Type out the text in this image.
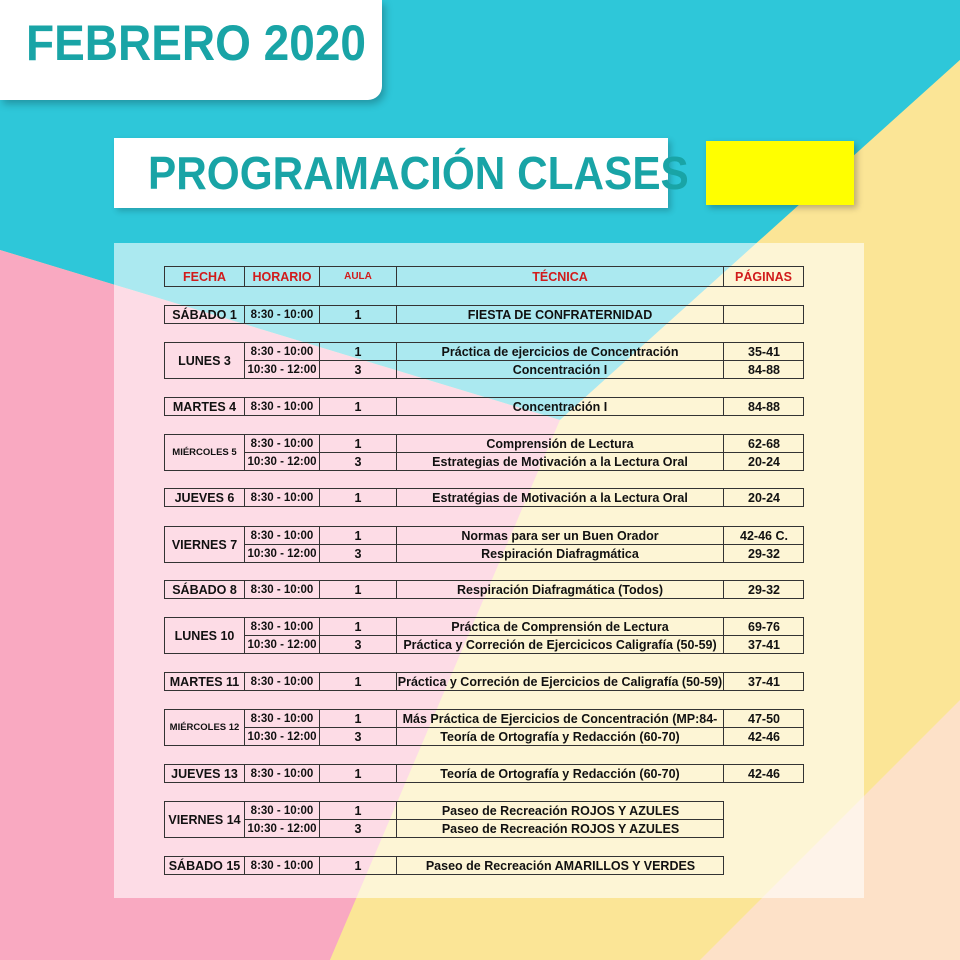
FEBRERO 2020
PROGRAMACIÓN CLASES
FECHA	HORARIO	AULA	TÉCNICA	PÁGINAS
SÁBADO 1	8:30 - 10:00	1	FIESTA DE CONFRATERNIDAD
LUNES 3
8:30 - 10:00	1	Práctica de ejercicios de Concentración	35-41
10:30 - 12:00	3	Concentración I	84-88
MARTES 4	8:30 - 10:00	1	Concentración I	84-88
MIÉRCOLES 5
8:30 - 10:00	1	Comprensión de Lectura	62-68
10:30 - 12:00	3	Estrategias de Motivación a la Lectura Oral	20-24
JUEVES 6	8:30 - 10:00	1	Estratégias de Motivación a la Lectura Oral	20-24
VIERNES 7
8:30 - 10:00	1	Normas para ser un Buen Orador	42-46 C.
10:30 - 12:00	3	Respiración Diafragmática	29-32
SÁBADO 8	8:30 - 10:00	1	Respiración Diafragmática (Todos)	29-32
LUNES 10
8:30 - 10:00	1	Práctica de Comprensión de Lectura	69-76
10:30 - 12:00	3	Práctica y Correción de Ejercicicos Caligrafía (50-59)	37-41
MARTES 11 8:30 - 10:00	1	Práctica y Correción de Ejercicios de Caligrafía (50-59)	37-41
MIÉRCOLES 12
8:30 - 10:00	1	Más Práctica de Ejercicios de Concentración (MP:84-	47-50
10:30 - 12:00	3	Teoría de Ortografía y Redacción (60-70)	42-46
JUEVES 13	8:30 - 10:00	1	Teoría de Ortografía y Redacción (60-70)	42-46
VIERNES 14
8:30 - 10:00	1	Paseo de Recreación ROJOS Y AZULES
10:30 - 12:00	3	Paseo de Recreación ROJOS Y AZULES
SÁBADO 15 8:30 - 10:00	1	Paseo de Recreación AMARILLOS Y VERDES
